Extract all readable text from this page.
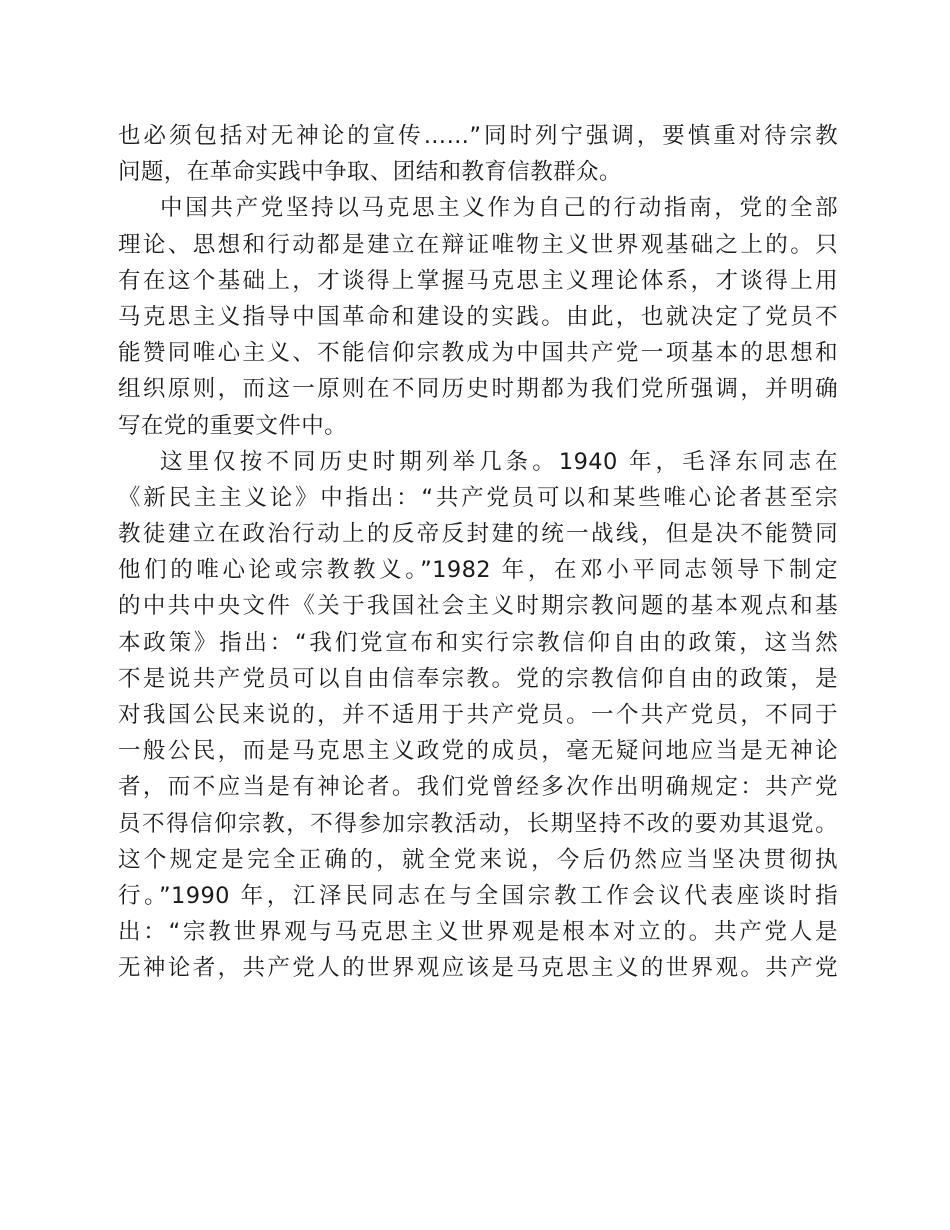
也必须包括对无神论的宣传……”同时列宁强调，要慎重对待宗教
问题，在革命实践中争取、团结和教育信教群众。
中国共产党坚持以马克思主义作为自己的行动指南，党的全部
理论、思想和行动都是建立在辩证唯物主义世界观基础之上的。只
有在这个基础上，才谈得上掌握马克思主义理论体系，才谈得上用
马克思主义指导中国革命和建设的实践。由此，也就决定了党员不
能赞同唯心主义、不能信仰宗教成为中国共产党一项基本的思想和
组织原则，而这一原则在不同历史时期都为我们党所强调，并明确
写在党的重要文件中。
这里仅按不同历史时期列举几条。1940 年，毛泽东同志在
《新民主主义论》中指出：“共产党员可以和某些唯心论者甚至宗
教徒建立在政治行动上的反帝反封建的统一战线，但是决不能赞同
他们的唯心论或宗教教义。”1982 年，在邓小平同志领导下制定
的中共中央文件《关于我国社会主义时期宗教问题的基本观点和基
本政策》指出：“我们党宣布和实行宗教信仰自由的政策，这当然
不是说共产党员可以自由信奉宗教。党的宗教信仰自由的政策，是
对我国公民来说的，并不适用于共产党员。一个共产党员，不同于
一般公民，而是马克思主义政党的成员，毫无疑问地应当是无神论
者，而不应当是有神论者。我们党曾经多次作出明确规定：共产党
员不得信仰宗教，不得参加宗教活动，长期坚持不改的要劝其退党。
这个规定是完全正确的，就全党来说，今后仍然应当坚决贯彻执
行。”1990 年，江泽民同志在与全国宗教工作会议代表座谈时指
出：“宗教世界观与马克思主义世界观是根本对立的。共产党人是
无神论者，共产党人的世界观应该是马克思主义的世界观。共产党
